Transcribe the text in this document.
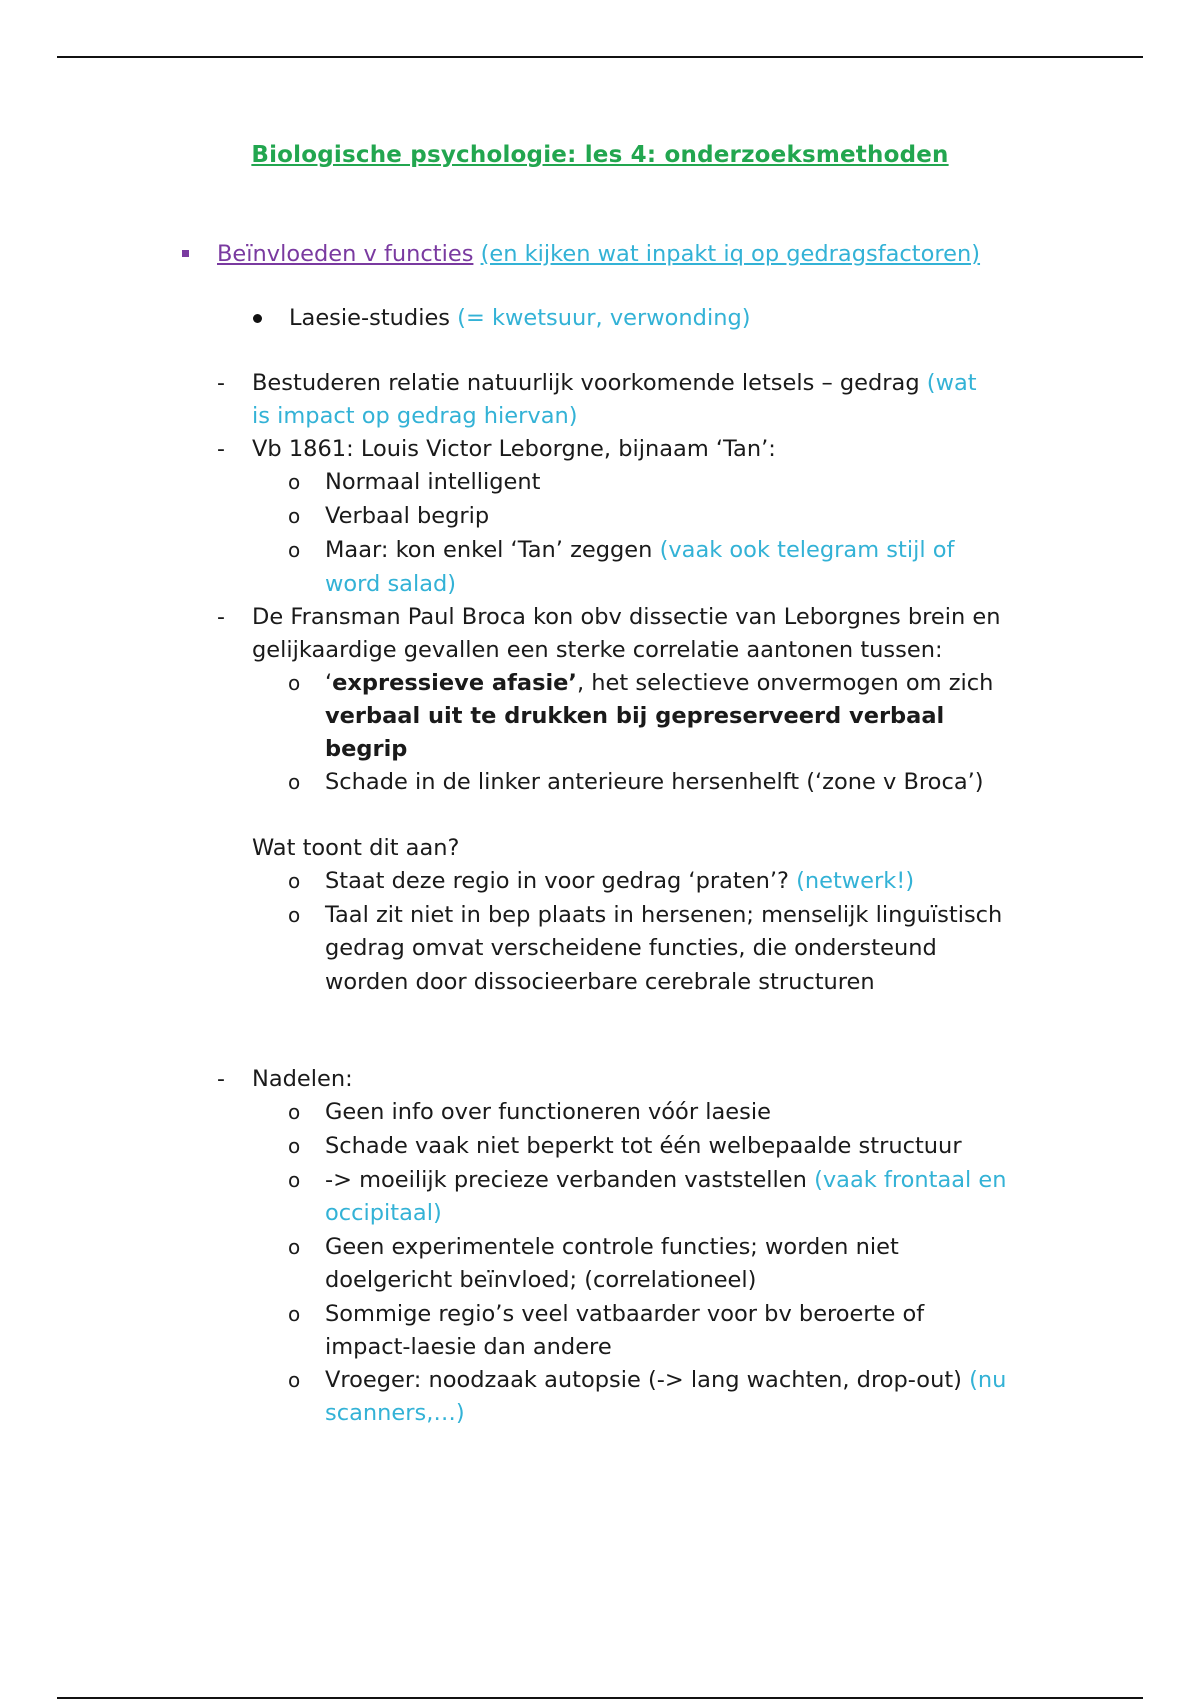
Biologische psychologie: les 4: onderzoeksmethoden
Beïnvloeden v functies (en kijken wat inpakt iq op gedragsfactoren)
Laesie-studies (= kwetsuur, verwonding)
- Bestuderen relatie natuurlijk voorkomende letsels – gedrag (wat
is impact op gedrag hiervan)
- Vb 1861: Louis Victor Leborgne, bijnaam ‘Tan’:
o Normaal intelligent
o Verbaal begrip
o Maar: kon enkel ‘Tan’ zeggen (vaak ook telegram stijl of
word salad)
- De Fransman Paul Broca kon obv dissectie van Leborgnes brein en
gelijkaardige gevallen een sterke correlatie aantonen tussen:
o ‘expressieve afasie’, het selectieve onvermogen om zich
verbaal uit te drukken bij gepreserveerd verbaal
begrip
o Schade in de linker anterieure hersenhelft (‘zone v Broca’)
Wat toont dit aan?
o Staat deze regio in voor gedrag ‘praten’? (netwerk!)
o Taal zit niet in bep plaats in hersenen; menselijk linguïstisch
gedrag omvat verscheidene functies, die ondersteund
worden door dissocieerbare cerebrale structuren
- Nadelen:
o Geen info over functioneren vóór laesie
o Schade vaak niet beperkt tot één welbepaalde structuur
o -> moeilijk precieze verbanden vaststellen (vaak frontaal en
occipitaal)
o Geen experimentele controle functies; worden niet
doelgericht beïnvloed; (correlationeel)
o Sommige regio’s veel vatbaarder voor bv beroerte of
impact-laesie dan andere
o Vroeger: noodzaak autopsie (-> lang wachten, drop-out) (nu
scanners,…)
